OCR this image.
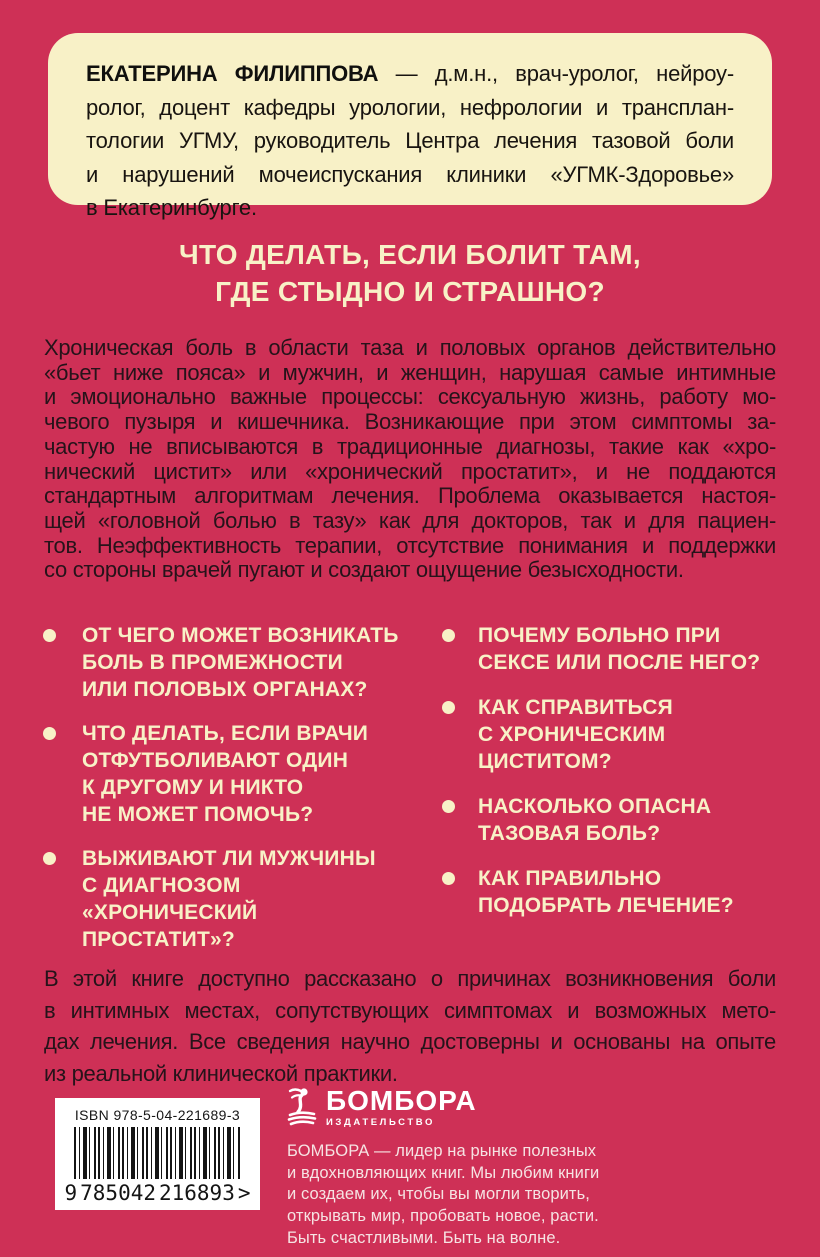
ЕКАТЕРИНА ФИЛИППОВА — д.м.н., врач-уролог, нейроу-
ролог, доцент кафедры урологии, нефрологии и трансплан-
тологии УГМУ, руководитель Центра лечения тазовой боли
и нарушений мочеиспускания клиники «УГМК-Здоровье»
в Екатеринбурге.
ЧТО ДЕЛАТЬ, ЕСЛИ БОЛИТ ТАМ,
ГДЕ СТЫДНО И СТРАШНО?
Хроническая боль в области таза и половых органов действительно
«бьет ниже пояса» и мужчин, и женщин, нарушая самые интимные
и эмоционально важные процессы: сексуальную жизнь, работу мо-
чевого пузыря и кишечника. Возникающие при этом симптомы за-
частую не вписываются в традиционные диагнозы, такие как «хро-
нический цистит» или «хронический простатит», и не поддаются
стандартным алгоритмам лечения. Проблема оказывается настоя-
щей «головной болью в тазу» как для докторов, так и для пациен-
тов. Неэффективность терапии, отсутствие понимания и поддержки
со стороны врачей пугают и создают ощущение безысходности.
ОТ ЧЕГО МОЖЕТ ВОЗНИКАТЬ
БОЛЬ В ПРОМЕЖНОСТИ
ИЛИ ПОЛОВЫХ ОРГАНАХ?
ЧТО ДЕЛАТЬ, ЕСЛИ ВРАЧИ
ОТФУТБОЛИВАЮТ ОДИН
К ДРУГОМУ И НИКТО
НЕ МОЖЕТ ПОМОЧЬ?
ВЫЖИВАЮТ ЛИ МУЖЧИНЫ
С ДИАГНОЗОМ «ХРОНИЧЕСКИЙ
ПРОСТАТИТ»?
ПОЧЕМУ БОЛЬНО ПРИ
СЕКСЕ ИЛИ ПОСЛЕ НЕГО?
КАК СПРАВИТЬСЯ
С ХРОНИЧЕСКИМ
ЦИСТИТОМ?
НАСКОЛЬКО ОПАСНА
ТАЗОВАЯ БОЛЬ?
КАК ПРАВИЛЬНО
ПОДОБРАТЬ ЛЕЧЕНИЕ?
В этой книге доступно рассказано о причинах возникновения боли
в интимных местах, сопутствующих симптомах и возможных мето-
дах лечения. Все сведения научно достоверны и основаны на опыте
из реальной клинической практики.
ISBN 978-5-04-221689-3
9 785042 216893 >
БОМБОРА
ИЗДАТЕЛЬСТВО
БОМБОРА — лидер на рынке полезных
и вдохновляющих книг. Мы любим книги
и создаем их, чтобы вы могли творить,
открывать мир, пробовать новое, расти.
Быть счастливыми. Быть на волне.
